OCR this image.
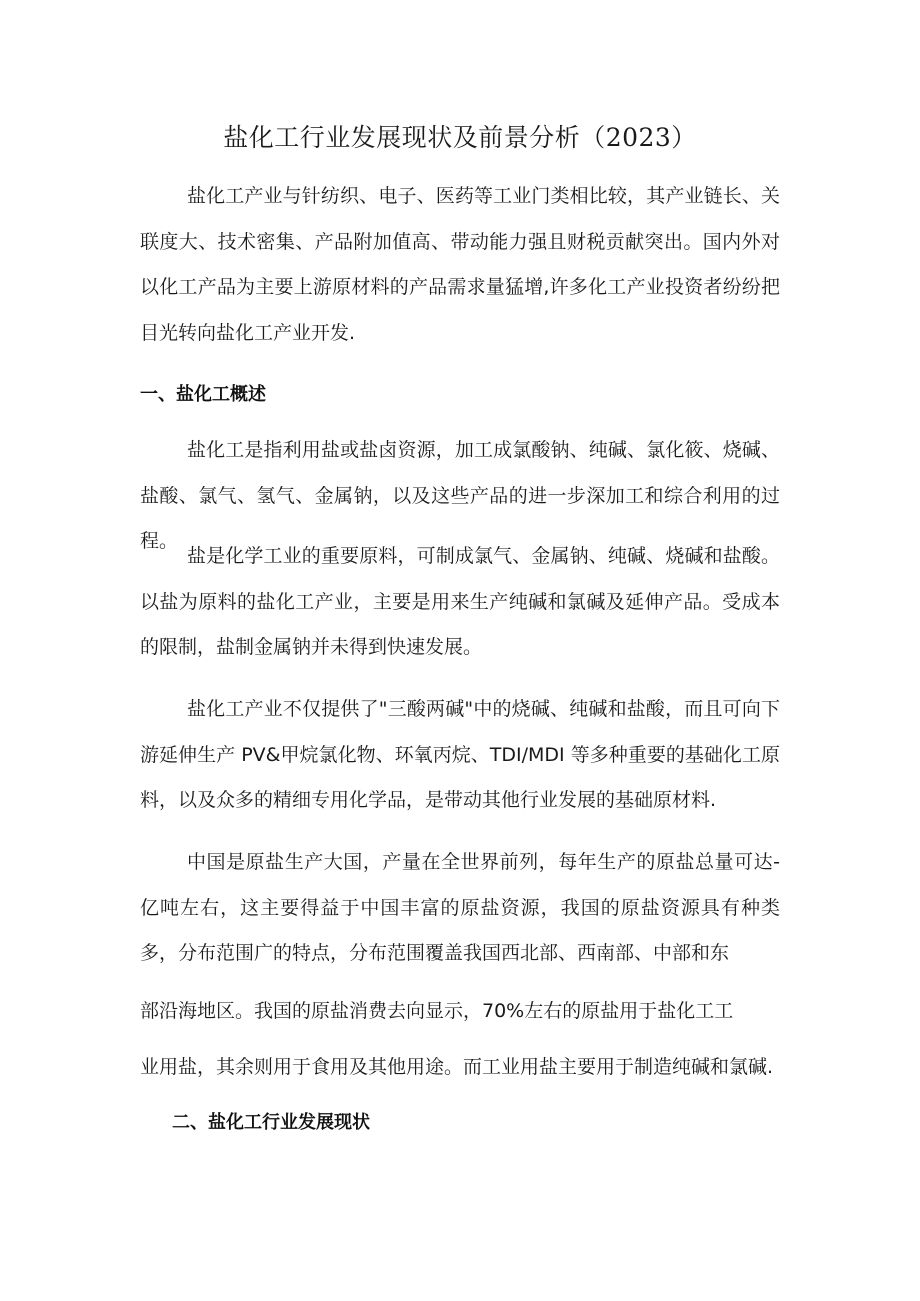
盐化工行业发展现状及前景分析（2023）
盐化工产业与针纺织、电子、医药等工业门类相比较，其产业链长、关联度大、技术密集、产品附加值高、带动能力强且财税贡献突出。国内外对以化工产品为主要上游原材料的产品需求量猛增,许多化工产业投资者纷纷把目光转向盐化工产业开发.
一、盐化工概述
盐化工是指利用盐或盐卤资源，加工成氯酸钠、纯碱、氯化筱、烧碱、盐酸、氯气、氢气、金属钠，以及这些产品的进一步深加工和综合利用的过程。
盐是化学工业的重要原料，可制成氯气、金属钠、纯碱、烧碱和盐酸。以盐为原料的盐化工产业，主要是用来生产纯碱和氯碱及延伸产品。受成本的限制，盐制金属钠并未得到快速发展。
盐化工产业不仅提供了"三酸两碱"中的烧碱、纯碱和盐酸，而且可向下游延伸生产 PV&甲烷氯化物、环氧丙烷、TDI/MDI 等多种重要的基础化工原料，以及众多的精细专用化学品，是带动其他行业发展的基础原材料.
中国是原盐生产大国，产量在全世界前列，每年生产的原盐总量可达-亿吨左右，这主要得益于中国丰富的原盐资源，我国的原盐资源具有种类多，分布范围广的特点，分布范围覆盖我国西北部、西南部、中部和东
部沿海地区。我国的原盐消费去向显示，70%左右的原盐用于盐化工工
业用盐，其余则用于食用及其他用途。而工业用盐主要用于制造纯碱和氯碱.
二、盐化工行业发展现状
